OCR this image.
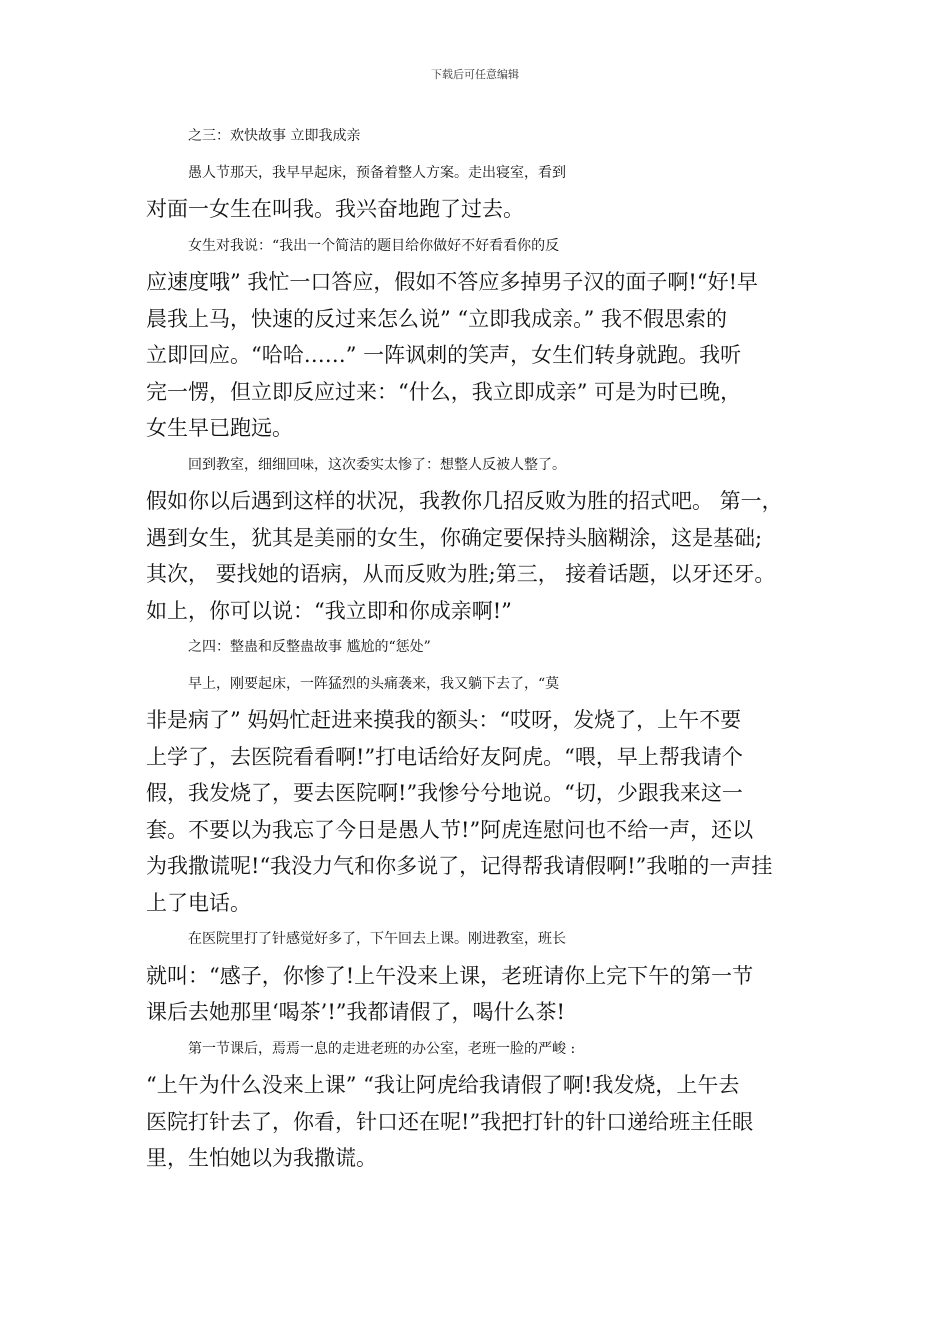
下载后可任意编辑
之三：欢快故事 立即我成亲
愚人节那天，我早早起床，预备着整人方案。走出寝室，看到
对面一女生在叫我。我兴奋地跑了过去。
女生对我说：“我出一个简洁的题目给你做好不好看看你的反
应速度哦” 我忙一口答应，假如不答应多掉男子汉的面子啊!“好!早
晨我上马，快速的反过来怎么说” “立即我成亲。” 我不假思索的
立即回应。“哈哈……” 一阵讽刺的笑声，女生们转身就跑。我听
完一愣，但立即反应过来：“什么，我立即成亲” 可是为时已晚，
女生早已跑远。
回到教室，细细回味，这次委实太惨了：想整人反被人整了。
假如你以后遇到这样的状况，我教你几招反败为胜的招式吧。 第一，
遇到女生，犹其是美丽的女生，你确定要保持头脑糊涂，这是基础;
其次， 要找她的语病，从而反败为胜;第三， 接着话题，以牙还牙。
如上，你可以说：“我立即和你成亲啊!”
之四：整蛊和反整蛊故事 尴尬的“惩处”
早上，刚要起床，一阵猛烈的头痛袭来，我又躺下去了，“莫
非是病了” 妈妈忙赶进来摸我的额头：“哎呀，发烧了，上午不要
上学了，去医院看看啊!”打电话给好友阿虎。“喂，早上帮我请个
假，我发烧了，要去医院啊!”我惨兮兮地说。“切，少跟我来这一
套。不要以为我忘了今日是愚人节!”阿虎连慰问也不给一声，还以
为我撒谎呢!“我没力气和你多说了，记得帮我请假啊!”我啪的一声挂
上了电话。
在医院里打了针感觉好多了，下午回去上课。刚进教室，班长
就叫：“感子，你惨了!上午没来上课，老班请你上完下午的第一节
课后去她那里‘喝茶’!”我都请假了，喝什么茶!
第一节课后，焉焉一息的走进老班的办公室，老班一脸的严峻 :
“上午为什么没来上课” “我让阿虎给我请假了啊!我发烧，上午去
医院打针去了，你看，针口还在呢!”我把打针的针口递给班主任眼
里，生怕她以为我撒谎。
